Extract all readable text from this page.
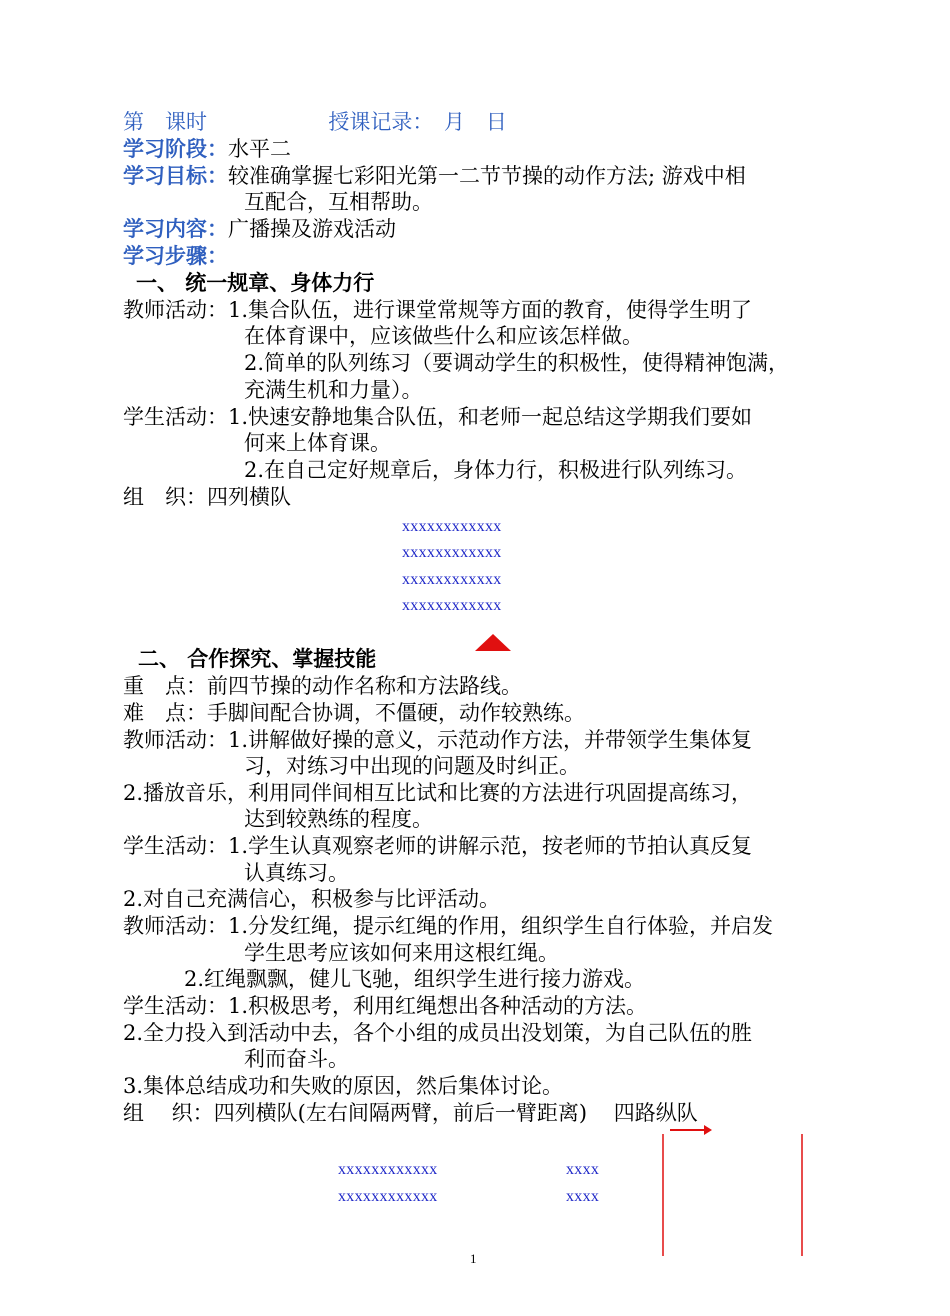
第　课时	授课记录：　月　日
学习阶段：水平二
学习目标：较准确掌握七彩阳光第一二节节操的动作方法; 游戏中相
互配合，互相帮助。
学习内容：广播操及游戏活动
学习步骤：
一、 统一规章、身体力行
教师活动：1.集合队伍，进行课堂常规等方面的教育，使得学生明了
在体育课中，应该做些什么和应该怎样做。
2.简单的队列练习（要调动学生的积极性，使得精神饱满，
充满生机和力量）。
学生活动：1.快速安静地集合队伍，和老师一起总结这学期我们要如
何来上体育课。
2.在自己定好规章后，身体力行，积极进行队列练习。
组　织：四列横队
xxxxxxxxxxxx
xxxxxxxxxxxx
xxxxxxxxxxxx
xxxxxxxxxxxx
二、 合作探究、掌握技能
重　点：前四节操的动作名称和方法路线。
难　点：手脚间配合协调，不僵硬，动作较熟练。
教师活动：1.讲解做好操的意义，示范动作方法，并带领学生集体复
习，对练习中出现的问题及时纠正。
2.播放音乐，利用同伴间相互比试和比赛的方法进行巩固提高练习，
达到较熟练的程度。
学生活动：1.学生认真观察老师的讲解示范，按老师的节拍认真反复
认真练习。
2.对自己充满信心，积极参与比评活动。
教师活动：1.分发红绳，提示红绳的作用，组织学生自行体验，并启发
学生思考应该如何来用这根红绳。
2.红绳飘飘，健儿飞驰，组织学生进行接力游戏。
学生活动：1.积极思考，利用红绳想出各种活动的方法。
2.全力投入到活动中去，各个小组的成员出没划策，为自己队伍的胜
利而奋斗。
3.集体总结成功和失败的原因，然后集体讨论。
组　 织：四列横队(左右间隔两臂，前后一臂距离) 四路纵队
xxxxxxxxxxxx
xxxxxxxxxxxx
xxxx
xxxx
1
